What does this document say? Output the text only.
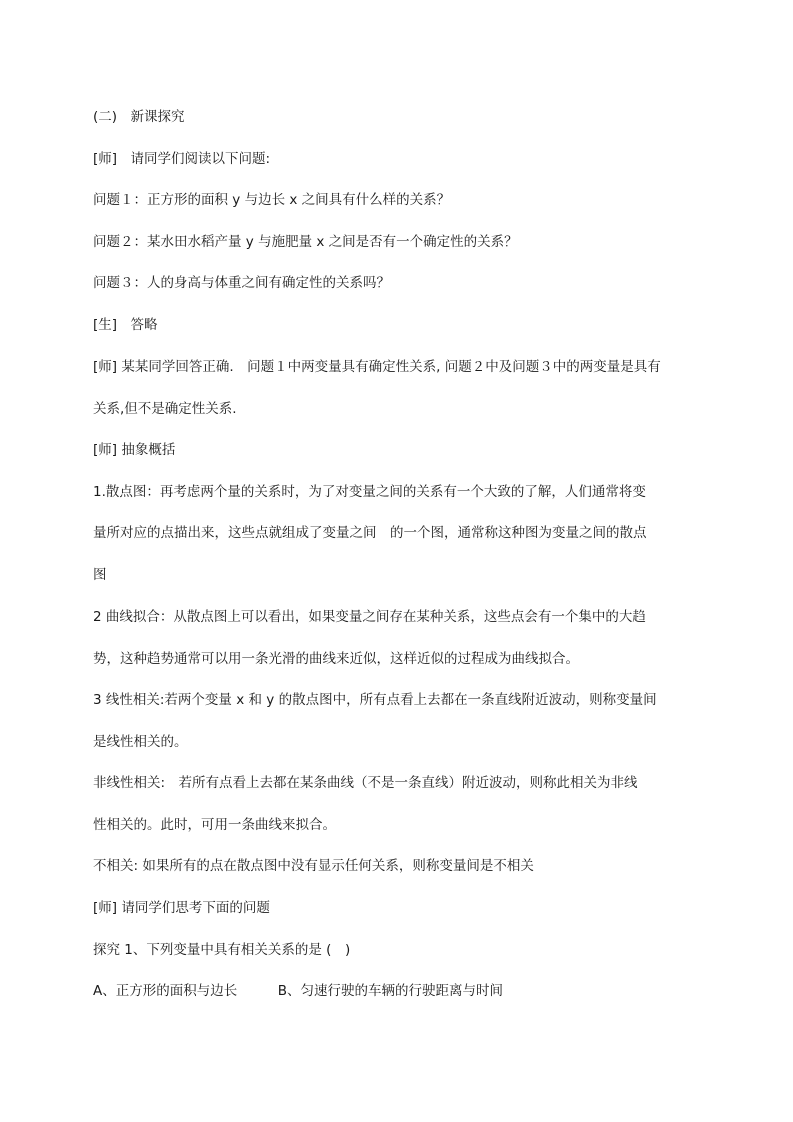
(二)　新课探究
[师]　请同学们阅读以下问题:
问题１：正方形的面积 y 与边长 x 之间具有什么样的关系？
问题２：某水田水稻产量 y 与施肥量 x 之间是否有一个确定性的关系？
问题３：人的身高与体重之间有确定性的关系吗？
[生]　答略
[师] 某某同学回答正确.　问题１中两变量具有确定性关系, 问题２中及问题３中的两变量是具有
关系,但不是确定性关系.
[师] 抽象概括
1.散点图：再考虑两个量的关系时，为了对变量之间的关系有一个大致的了解，人们通常将变
量所对应的点描出来，这些点就组成了变量之间　的一个图，通常称这种图为变量之间的散点
图
2 曲线拟合：从散点图上可以看出，如果变量之间存在某种关系，这些点会有一个集中的大趋
势，这种趋势通常可以用一条光滑的曲线来近似，这样近似的过程成为曲线拟合。
3 线性相关:若两个变量 x 和 y 的散点图中，所有点看上去都在一条直线附近波动，则称变量间
是线性相关的。
非线性相关:　若所有点看上去都在某条曲线（不是一条直线）附近波动，则称此相关为非线
性相关的。此时，可用一条曲线来拟合。
不相关: 如果所有的点在散点图中没有显示任何关系，则称变量间是不相关
[师] 请同学们思考下面的问题
探究 1、下列变量中具有相关关系的是 (　)
A、正方形的面积与边长　　　B、匀速行驶的车辆的行驶距离与时间
